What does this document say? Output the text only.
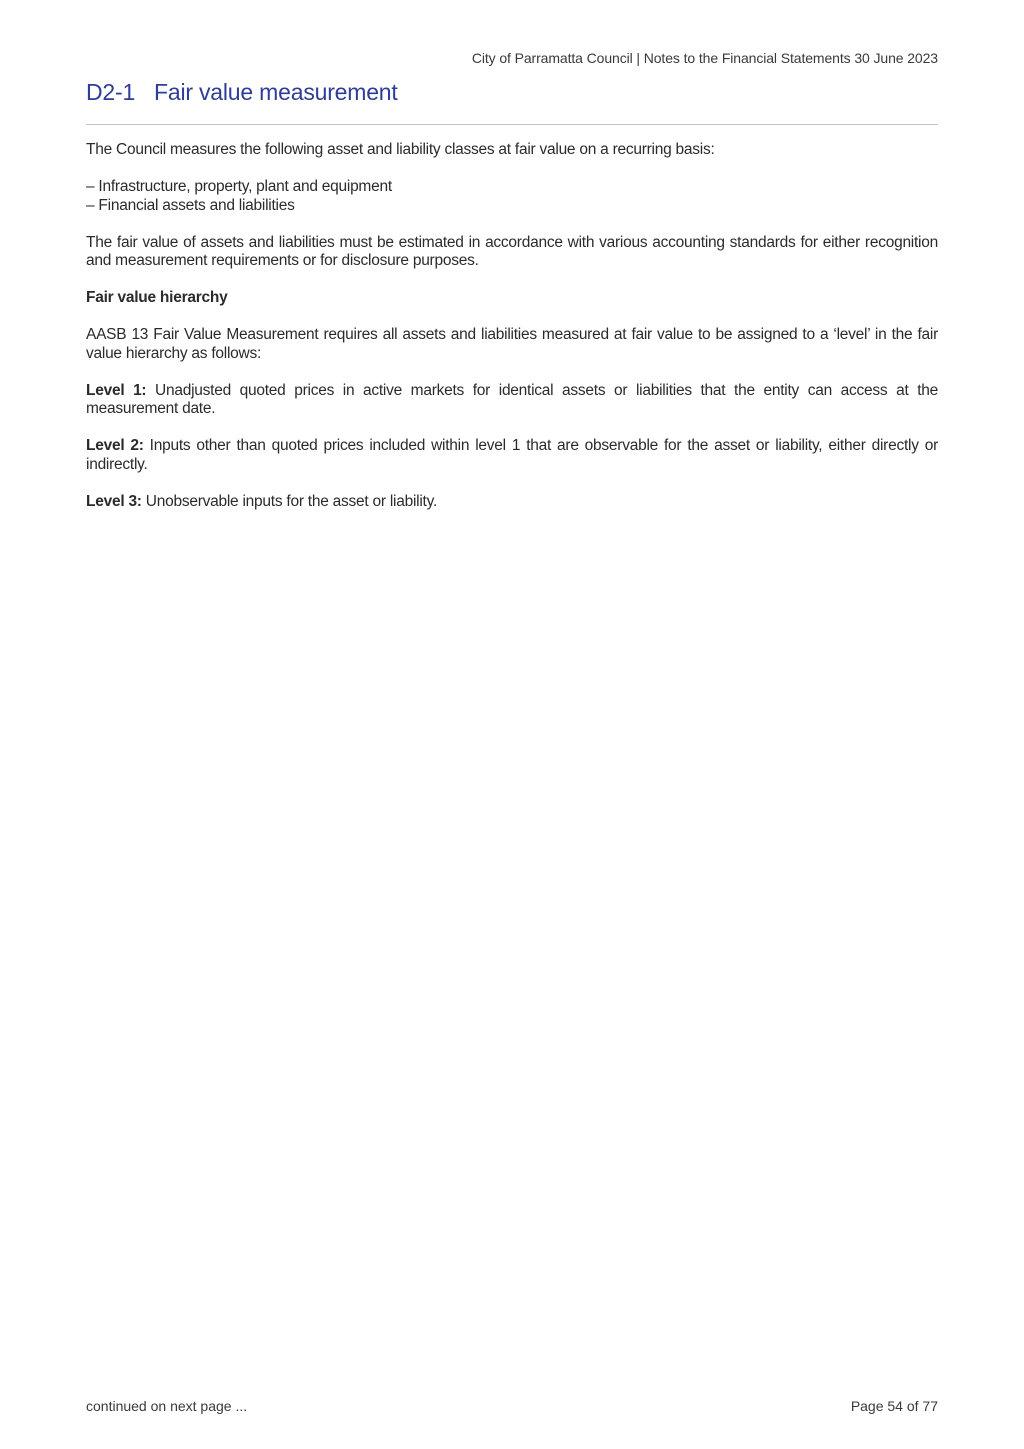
City of Parramatta Council | Notes to the Financial Statements 30 June 2023
D2-1 Fair value measurement

The Council measures the following asset and liability classes at fair value on a recurring basis:

– Infrastructure, property, plant and equipment
– Financial assets and liabilities

The fair value of assets and liabilities must be estimated in accordance with various accounting standards for either recognition and measurement requirements or for disclosure purposes.

Fair value hierarchy

AASB 13 Fair Value Measurement requires all assets and liabilities measured at fair value to be assigned to a ‘level’ in the fair value hierarchy as follows:

Level 1: Unadjusted quoted prices in active markets for identical assets or liabilities that the entity can access at the measurement date.

Level 2: Inputs other than quoted prices included within level 1 that are observable for the asset or liability, either directly or indirectly.

Level 3: Unobservable inputs for the asset or liability.

continued on next page ...	Page 54 of 77
